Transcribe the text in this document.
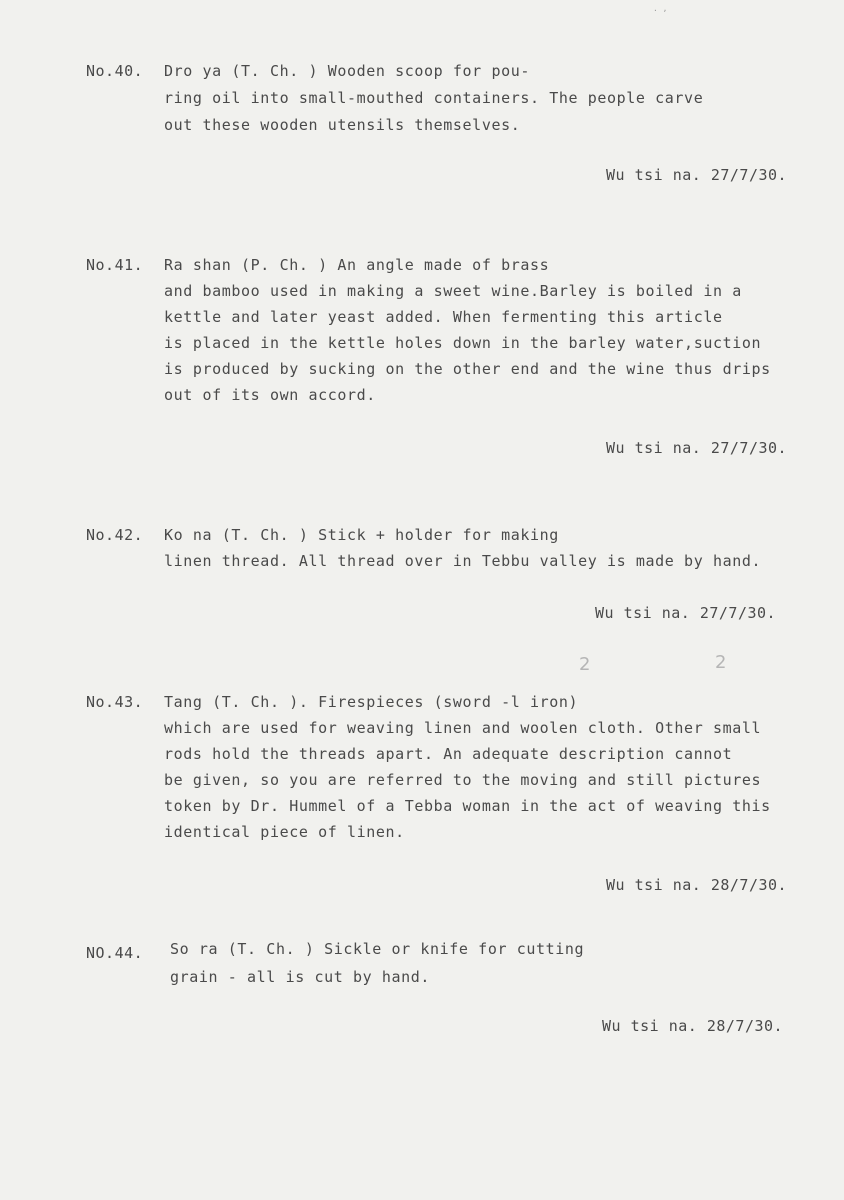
. ,
No.40. Dro ya (T. Ch. ) Wooden scoop for pou-
ring oil into small-mouthed containers. The people carve
out these wooden utensils themselves.
Wu tsi na. 27/7/30.
No.41. Ra shan (P. Ch. ) An angle made of brass
and bamboo used in making a sweet wine.Barley is boiled in a
kettle and later yeast added. When fermenting this article
is placed in the kettle holes down in the barley water,suction
is produced by sucking on the other end and the wine thus drips
out of its own accord.
Wu tsi na. 27/7/30.
No.42. Ko na (T. Ch. ) Stick + holder for making
linen thread. All thread over in Tebbu valley is made by hand.
Wu tsi na. 27/7/30.
2	2
No.43. Tang (T. Ch. ). Firespieces (sword -l iron)
which are used for weaving linen and woolen cloth. Other small
rods hold the threads apart. An adequate description cannot
be given, so you are referred to the moving and still pictures
token by Dr. Hummel of a Tebba woman in the act of weaving this
identical piece of linen.
Wu tsi na. 28/7/30.
NO.44. So ra (T. Ch. ) Sickle or knife for cutting
grain - all is cut by hand.
Wu tsi na. 28/7/30.
